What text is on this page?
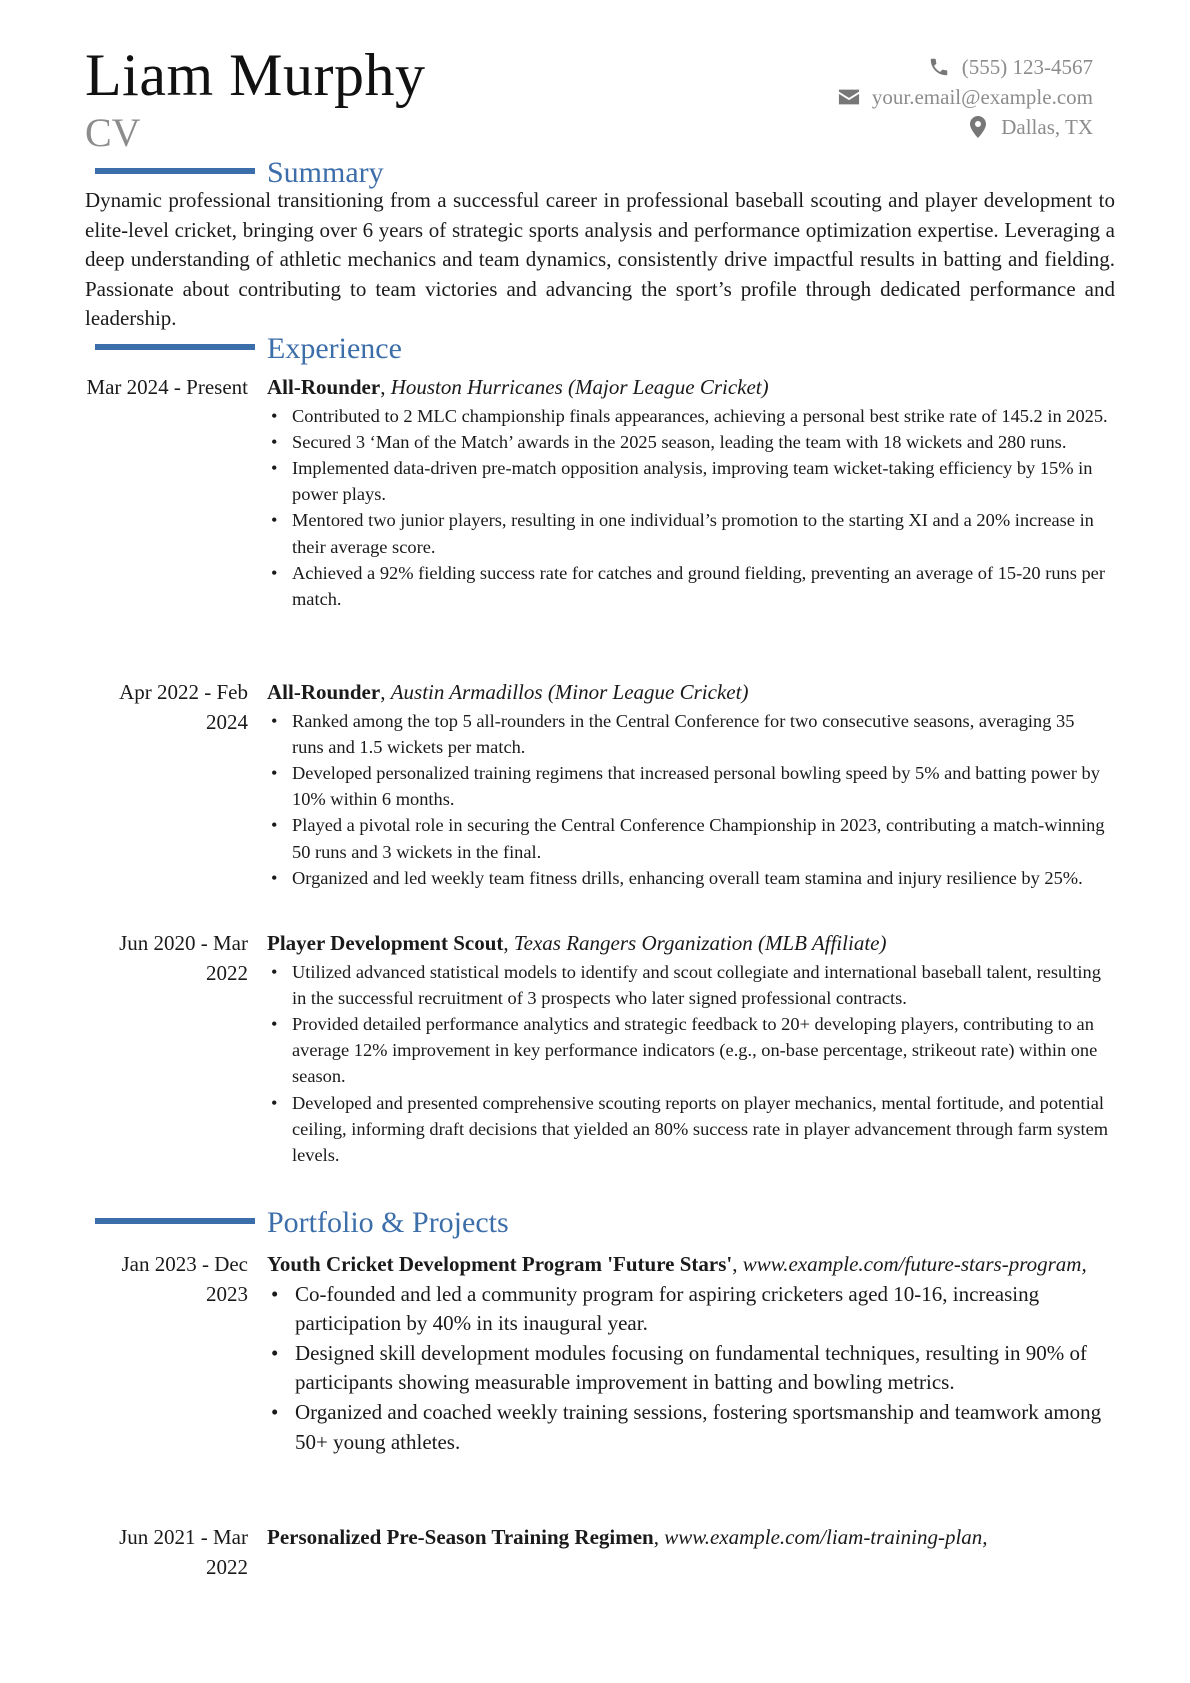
Liam Murphy
CV
(555) 123-4567
your.email@example.com
Dallas, TX
Summary
Dynamic professional transitioning from a successful career in professional baseball scouting and player development to elite-level cricket, bringing over 6 years of strategic sports analysis and performance optimization expertise. Leveraging a deep understanding of athletic mechanics and team dynamics, consistently drive impactful results in batting and fielding. Passionate about contributing to team victories and advancing the sport’s profile through dedicated performance and leadership.
Experience
Mar 2024 - Present All-Rounder, Houston Hurricanes (Major League Cricket)
• Contributed to 2 MLC championship finals appearances, achieving a personal best strike rate of 145.2 in 2025.
• Secured 3 ‘Man of the Match’ awards in the 2025 season, leading the team with 18 wickets and 280 runs.
• Implemented data-driven pre-match opposition analysis, improving team wicket-taking efficiency by 15% in power plays.
• Mentored two junior players, resulting in one individual’s promotion to the starting XI and a 20% increase in their average score.
• Achieved a 92% fielding success rate for catches and ground fielding, preventing an average of 15-20 runs per match.
Apr 2022 - Feb 2024
All-Rounder, Austin Armadillos (Minor League Cricket)
• Ranked among the top 5 all-rounders in the Central Conference for two consecutive seasons, averaging 35 runs and 1.5 wickets per match.
• Developed personalized training regimens that increased personal bowling speed by 5% and batting power by 10% within 6 months.
• Played a pivotal role in securing the Central Conference Championship in 2023, contributing a match-winning 50 runs and 3 wickets in the final.
• Organized and led weekly team fitness drills, enhancing overall team stamina and injury resilience by 25%.
Jun 2020 - Mar 2022
Player Development Scout, Texas Rangers Organization (MLB Affiliate)
• Utilized advanced statistical models to identify and scout collegiate and international baseball talent, resulting in the successful recruitment of 3 prospects who later signed professional contracts.
• Provided detailed performance analytics and strategic feedback to 20+ developing players, contributing to an average 12% improvement in key performance indicators (e.g., on-base percentage, strikeout rate) within one season.
• Developed and presented comprehensive scouting reports on player mechanics, mental fortitude, and potential ceiling, informing draft decisions that yielded an 80% success rate in player advancement through farm system levels.
Portfolio & Projects
Jan 2023 - Dec 2023
Youth Cricket Development Program 'Future Stars', www.example.com/future-stars-program,
• Co-founded and led a community program for aspiring cricketers aged 10-16, increasing participation by 40% in its inaugural year.
• Designed skill development modules focusing on fundamental techniques, resulting in 90% of participants showing measurable improvement in batting and bowling metrics.
• Organized and coached weekly training sessions, fostering sportsmanship and teamwork among 50+ young athletes.
Jun 2021 - Mar 2022
Personalized Pre-Season Training Regimen, www.example.com/liam-training-plan,
